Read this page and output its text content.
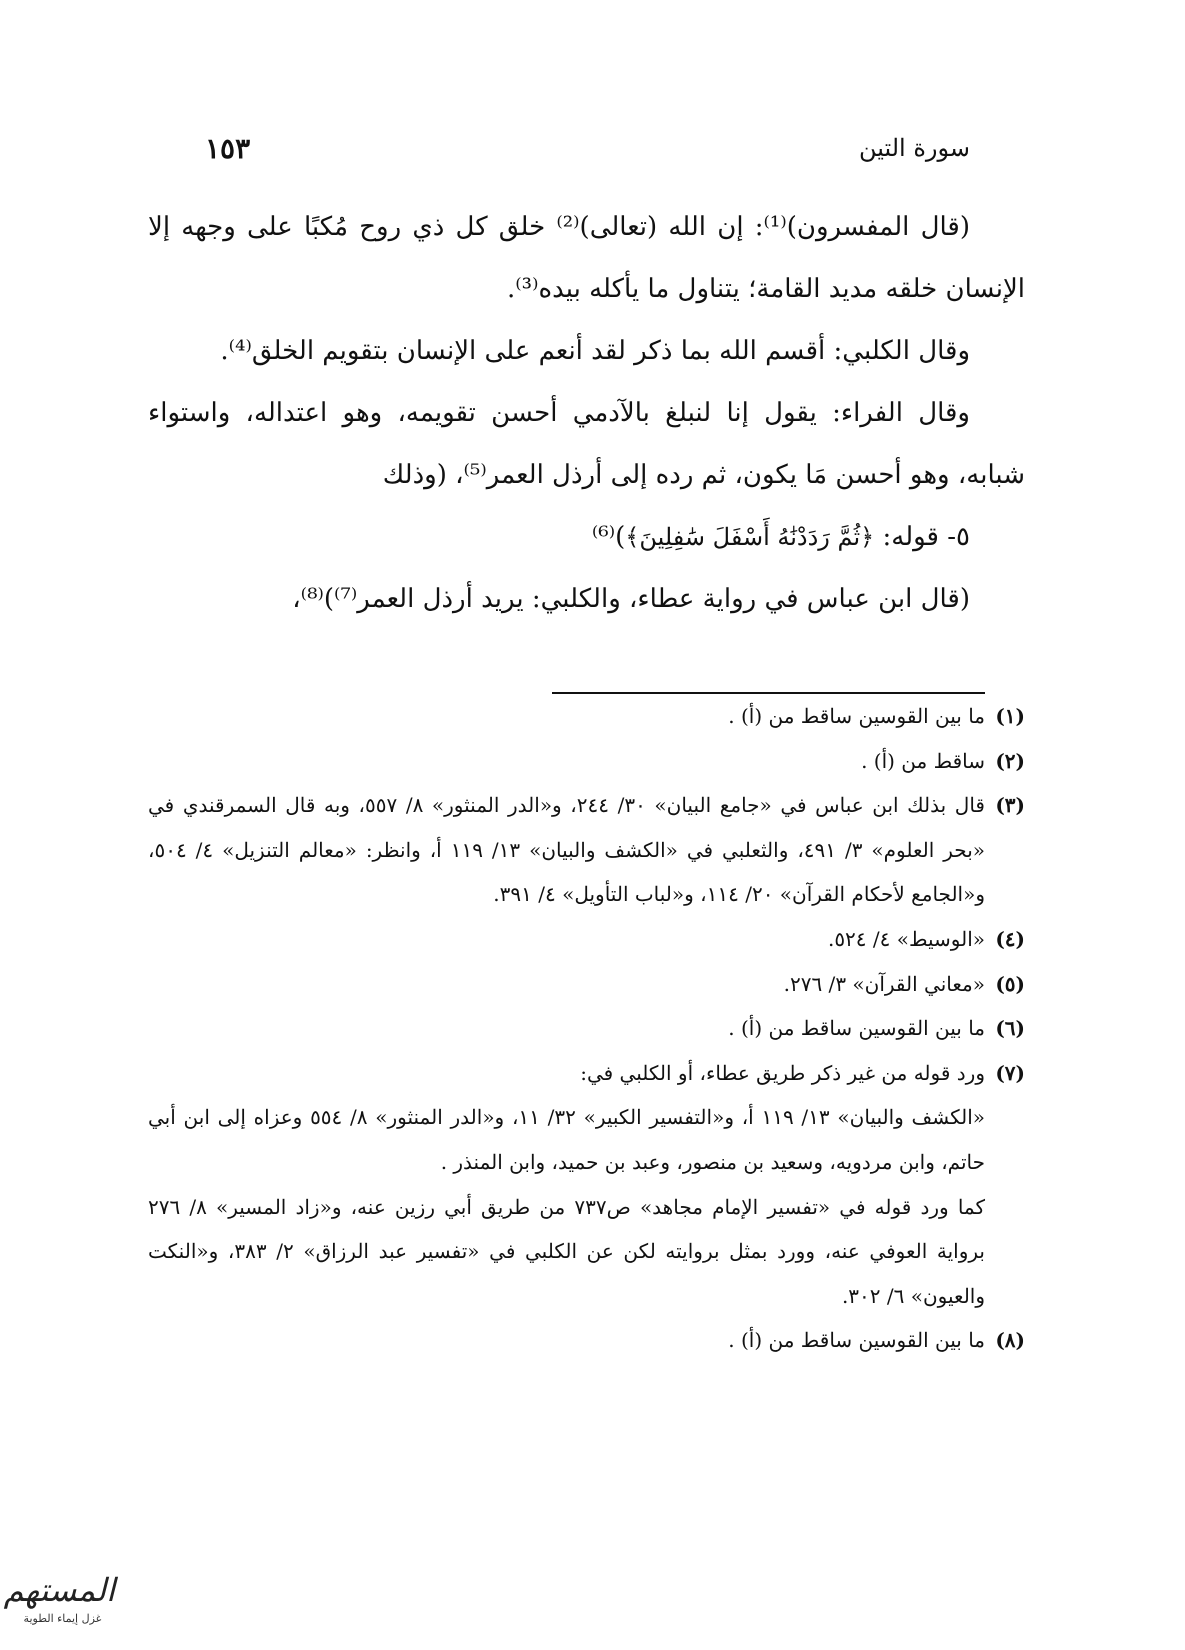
١٥٣	سورة التين

(قال المفسرون)⁽¹⁾: إن الله (تعالى)⁽²⁾ خلق كل ذي روح مُكبًا على وجهه إلا الإنسان خلقه مديد القامة؛ يتناول ما يأكله بيده⁽³⁾.

وقال الكلبي: أقسم الله بما ذكر لقد أنعم على الإنسان بتقويم الخلق⁽⁴⁾.

وقال الفراء: يقول إنا لنبلغ بالآدمي أحسن تقويمه، وهو اعتداله، واستواء شبابه، وهو أحسن مَا يكون، ثم رده إلى أرذل العمر⁽⁵⁾، (وذلك

٥- قوله: ﴿ثُمَّ رَدَدْنَٰهُ أَسْفَلَ سَٰفِلِينَ﴾)⁽⁶⁾

(قال ابن عباس في رواية عطاء، والكلبي: يريد أرذل العمر⁽⁷⁾)⁽⁸⁾،

(١)

ما بين القوسين ساقط من (أ) .

(٢)

ساقط من (أ) .

(٣)

قال بذلك ابن عباس في «جامع البيان» ٣٠/ ٢٤٤، و«الدر المنثور» ٨/ ٥٥٧، وبه قال السمرقندي في «بحر العلوم» ٣/ ٤٩١، والثعلبي في «الكشف والبيان» ١٣/ ١١٩ أ، وانظر: «معالم التنزيل» ٤/ ٥٠٤، و«الجامع لأحكام القرآن» ٢٠/ ١١٤، و«لباب التأويل» ٤/ ٣٩١.

(٤)

«الوسيط» ٤/ ٥٢٤.

(٥)

«معاني القرآن» ٣/ ٢٧٦.

(٦)

ما بين القوسين ساقط من (أ) .

(٧)

ورد قوله من غير ذكر طريق عطاء، أو الكلبي في:

«الكشف والبيان» ١٣/ ١١٩ أ، و«التفسير الكبير» ٣٢/ ١١، و«الدر المنثور» ٨/ ٥٥٤ وعزاه إلى ابن أبي حاتم، وابن مردويه، وسعيد بن منصور، وعبد بن حميد، وابن المنذر .

كما ورد قوله في «تفسير الإمام مجاهد» ص٧٣٧ من طريق أبي رزين عنه، و«زاد المسير» ٨/ ٢٧٦ برواية العوفي عنه، وورد بمثل بروايته لكن عن الكلبي في «تفسير عبد الرزاق» ٢/ ٣٨٣، و«النكت والعيون» ٦/ ٣٠٢.

(٨)

ما بين القوسين ساقط من (أ) .

المستهم
غزل إيماء الطوية
